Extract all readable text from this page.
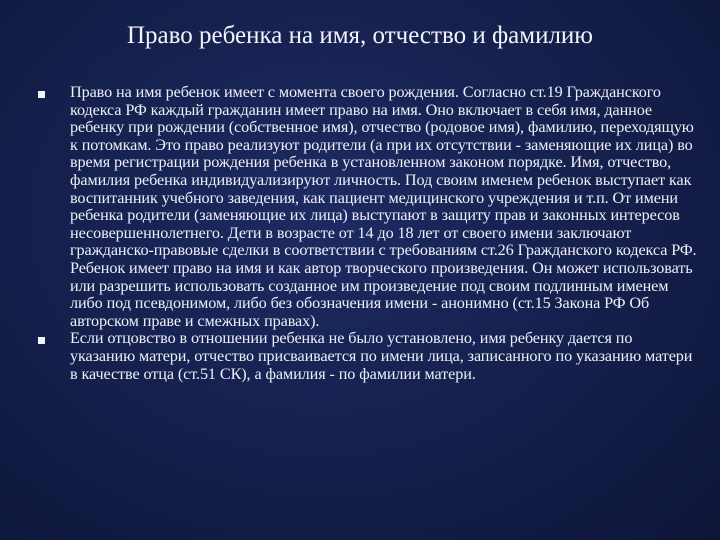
Право ребенка на имя, отчество и фамилию
Право на имя ребенок имеет с момента своего рождения. Согласно ст.19 Гражданского кодекса РФ каждый гражданин имеет право на имя. Оно включает в себя имя, данное ребенку при рождении (собственное имя), отчество (родовое имя), фамилию, переходящую к потомкам. Это право реализуют родители (а при их отсутствии - заменяющие их лица) во время регистрации рождения ребенка в установленном законом порядке. Имя, отчество, фамилия ребенка индивидуализируют личность. Под своим именем ребенок выступает как воспитанник учебного заведения, как пациент медицинского учреждения и т.п. От имени ребенка родители (заменяющие их лица) выступают в защиту прав и законных интересов несовершеннолетнего. Дети в возрасте от 14 до 18 лет от своего имени заключают гражданско-правовые сделки в соответствии с требованиям ст.26 Гражданского кодекса РФ. Ребенок имеет право на имя и как автор творческого произведения. Он может использовать или разрешить использовать созданное им произведение под своим подлинным именем либо под псевдонимом, либо без обозначения имени - анонимно (ст.15 Закона РФ Об авторском праве и смежных правах).
Если отцовство в отношении ребенка не было установлено, имя ребенку дается по указанию матери, отчество присваивается по имени лица, записанного по указанию матери в качестве отца (ст.51 СК), а фамилия - по фамилии матери.
